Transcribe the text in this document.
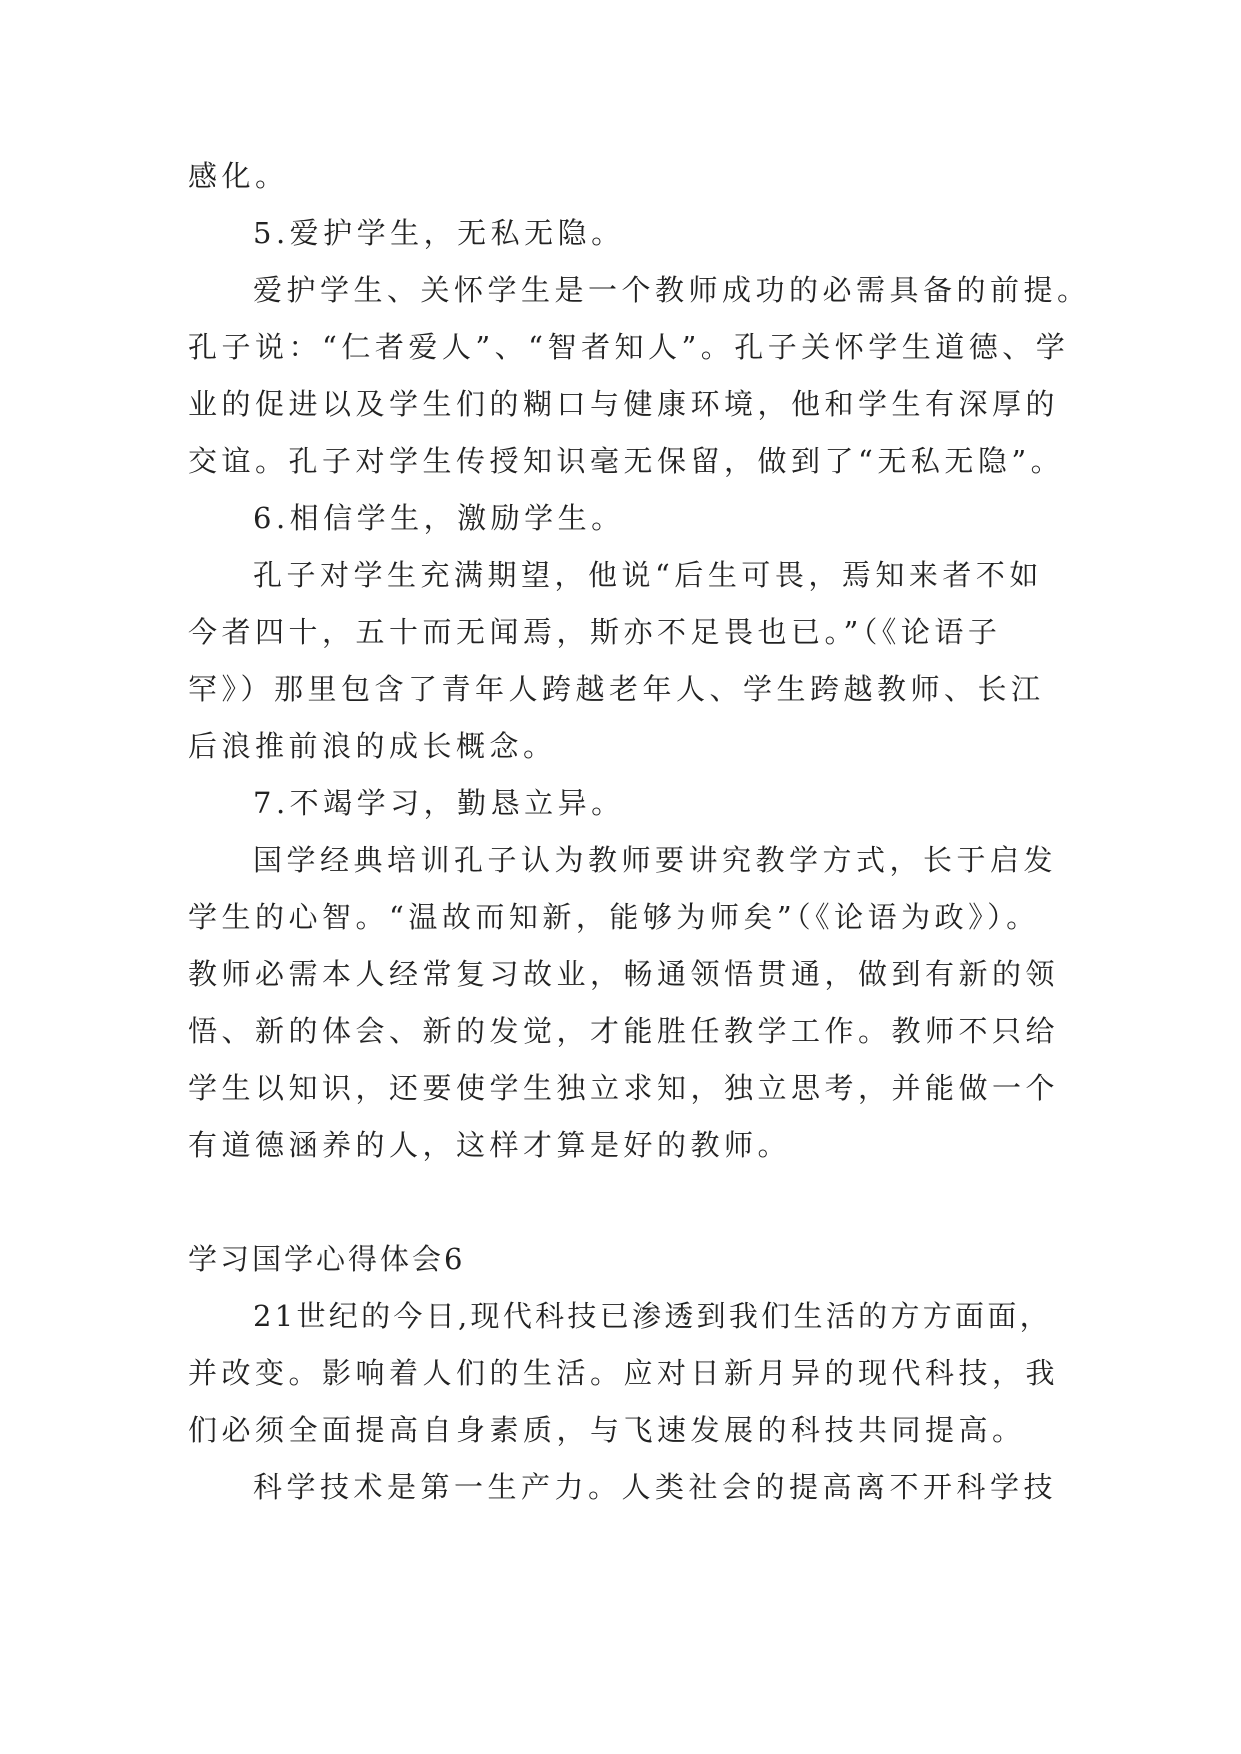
感化。
5.爱护学生，无私无隐。
爱护学生、关怀学生是一个教师成功的必需具备的前提。
孔子说：“仁者爱人”、“智者知人”。孔子关怀学生道德、学
业的促进以及学生们的糊口与健康环境，他和学生有深厚的
交谊。孔子对学生传授知识毫无保留，做到了“无私无隐”。
6.相信学生，激励学生。
孔子对学生充满期望，他说“后生可畏，焉知来者不如
今者四十，五十而无闻焉，斯亦不足畏也已。”（《论语子
罕》）那里包含了青年人跨越老年人、学生跨越教师、长江
后浪推前浪的成长概念。
7.不竭学习，勤恳立异。
国学经典培训孔子认为教师要讲究教学方式，长于启发
学生的心智。“温故而知新，能够为师矣”（《论语为政》）。
教师必需本人经常复习故业，畅通领悟贯通，做到有新的领
悟、新的体会、新的发觉，才能胜任教学工作。教师不只给
学生以知识，还要使学生独立求知，独立思考，并能做一个
有道德涵养的人，这样才算是好的教师。
学习国学心得体会6
21世纪的今日,现代科技已渗透到我们生活的方方面面，
并改变。影响着人们的生活。应对日新月异的现代科技，我
们必须全面提高自身素质，与飞速发展的科技共同提高。
科学技术是第一生产力。人类社会的提高离不开科学技
